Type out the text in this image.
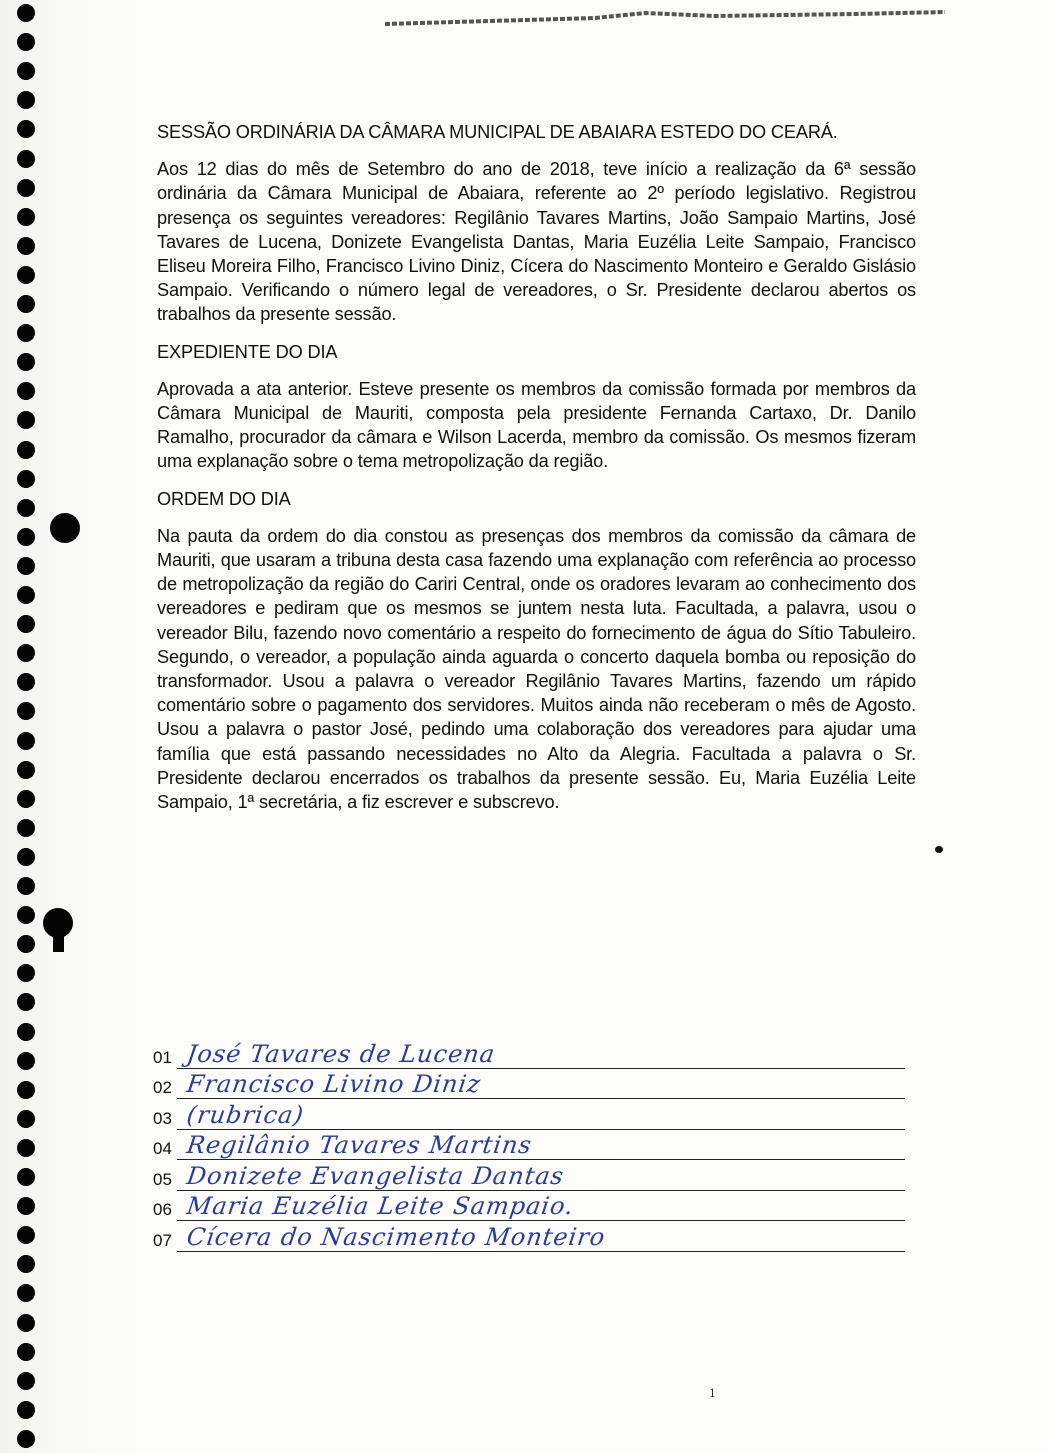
SESSÃO ORDINÁRIA DA CÂMARA MUNICIPAL DE ABAIARA ESTEDO DO CEARÁ.

Aos 12 dias do mês de Setembro do ano de 2018, teve início a realização da 6ª sessão ordinária da Câmara Municipal de Abaiara, referente ao 2º período legislativo. Registrou presença os seguintes vereadores: Regilânio Tavares Martins, João Sampaio Martins, José Tavares de Lucena, Donizete Evangelista Dantas, Maria Euzélia Leite Sampaio, Francisco Eliseu Moreira Filho, Francisco Livino Diniz, Cícera do Nascimento Monteiro e Geraldo Gislásio Sampaio. Verificando o número legal de vereadores, o Sr. Presidente declarou abertos os trabalhos da presente sessão.

EXPEDIENTE DO DIA

Aprovada a ata anterior. Esteve presente os membros da comissão formada por membros da Câmara Municipal de Mauriti, composta pela presidente Fernanda Cartaxo, Dr. Danilo Ramalho, procurador da câmara e Wilson Lacerda, membro da comissão. Os mesmos fizeram uma explanação sobre o tema metropolização da região.

ORDEM DO DIA

Na pauta da ordem do dia constou as presenças dos membros da comissão da câmara de Mauriti, que usaram a tribuna desta casa fazendo uma explanação com referência ao processo de metropolização da região do Cariri Central, onde os oradores levaram ao conhecimento dos vereadores e pediram que os mesmos se juntem nesta luta. Facultada, a palavra, usou o vereador Bilu, fazendo novo comentário a respeito do fornecimento de água do Sítio Tabuleiro. Segundo, o vereador, a população ainda aguarda o concerto daquela bomba ou reposição do transformador. Usou a palavra o vereador Regilânio Tavares Martins, fazendo um rápido comentário sobre o pagamento dos servidores. Muitos ainda não receberam o mês de Agosto. Usou a palavra o pastor José, pedindo uma colaboração dos vereadores para ajudar uma família que está passando necessidades no Alto da Alegria. Facultada a palavra o Sr. Presidente declarou encerrados os trabalhos da presente sessão. Eu, Maria Euzélia Leite Sampaio, 1ª secretária, a fiz escrever e subscrevo.

01 José Tavares de Lucena
02 Francisco Livino Diniz
03 (rubrica)
04 Regilânio Tavares Martins
05 Donizete Evangelista Dantas
06 Maria Euzélia Leite Sampaio.
07 Cícera do Nascimento Monteiro
1
